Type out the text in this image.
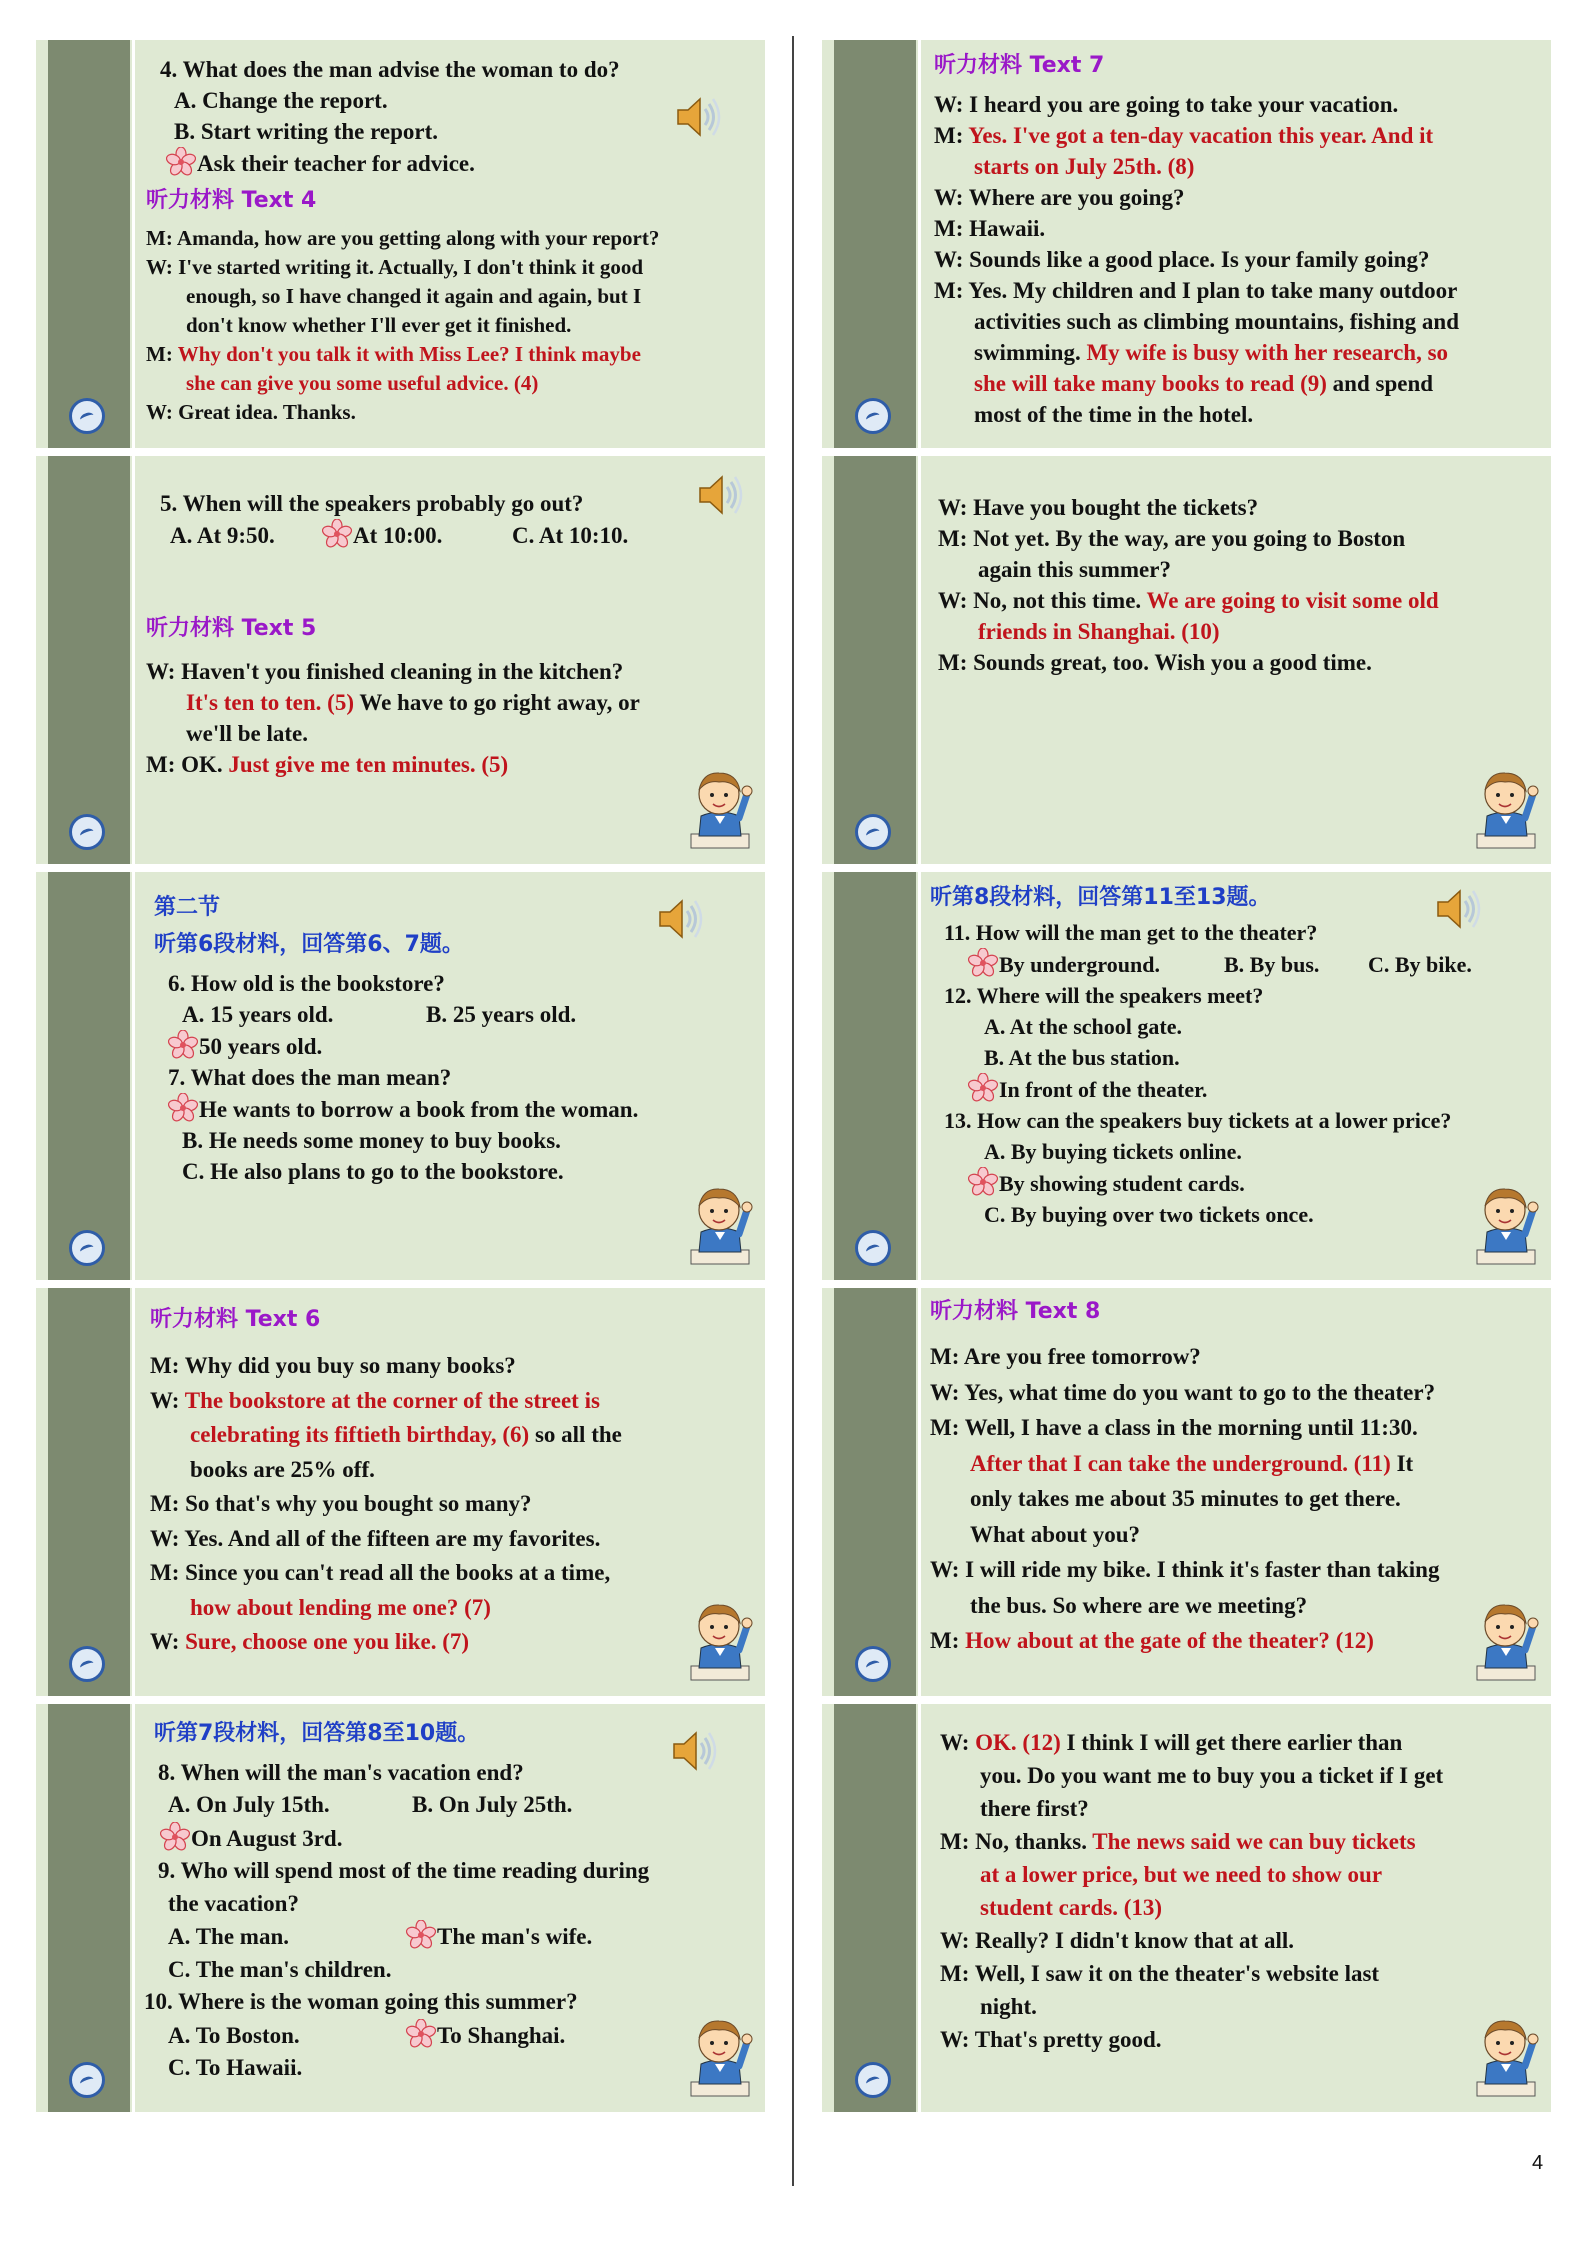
4. What does the man advise the woman to do?
A. Change the report.
B. Start writing the report.
Ask their teacher for advice.
听力材料 Text 4
M: Amanda, how are you getting along with your report?
W: I've started writing it. Actually, I don't think it good
enough, so I have changed it again and again, but I
don't know whether I'll ever get it finished.
M: Why don't you talk it with Miss Lee? I think maybe
she can give you some useful advice. (4)
W: Great idea. Thanks.
听力材料 Text 7
W: I heard you are going to take your vacation.
M: Yes. I've got a ten-day vacation this year. And it
starts on July 25th. (8)
W: Where are you going?
M: Hawaii.
W: Sounds like a good place. Is your family going?
M: Yes. My children and I plan to take many outdoor
activities such as climbing mountains, fishing and
swimming. My wife is busy with her research, so
she will take many books to read (9) and spend
most of the time in the hotel.
5. When will the speakers probably go out?
A. At 9:50.	At 10:00.	C. At 10:10.
听力材料 Text 5
W: Haven't you finished cleaning in the kitchen?
It's ten to ten. (5) We have to go right away, or
we'll be late.
M: OK. Just give me ten minutes. (5)
W: Have you bought the tickets?
M: Not yet. By the way, are you going to Boston
again this summer?
W: No, not this time. We are going to visit some old
friends in Shanghai. (10)
M: Sounds great, too. Wish you a good time.
第二节
听第6段材料，回答第6、7题。
6. How old is the bookstore?
A. 15 years old.	B. 25 years old.
50 years old.
7. What does the man mean?
He wants to borrow a book from the woman.
B. He needs some money to buy books.
C. He also plans to go to the bookstore.
听第8段材料，回答第11至13题。
11. How will the man get to the theater?
By underground.	B. By bus. C. By bike.
12. Where will the speakers meet?
A. At the school gate.
B. At the bus station.
In front of the theater.
13. How can the speakers buy tickets at a lower price?
A. By buying tickets online.
By showing student cards.
C. By buying over two tickets once.
听力材料 Text 6
M: Why did you buy so many books?
W: The bookstore at the corner of the street is
celebrating its fiftieth birthday, (6) so all the
books are 25% off.
M: So that's why you bought so many?
W: Yes. And all of the fifteen are my favorites.
M: Since you can't read all the books at a time,
how about lending me one? (7)
W: Sure, choose one you like. (7)
听力材料 Text 8
M: Are you free tomorrow?
W: Yes, what time do you want to go to the theater?
M: Well, I have a class in the morning until 11:30.
After that I can take the underground. (11) It
only takes me about 35 minutes to get there.
What about you?
W: I will ride my bike. I think it's faster than taking
the bus. So where are we meeting?
M: How about at the gate of the theater? (12)
听第7段材料，回答第8至10题。
8. When will the man's vacation end?
A. On July 15th.	B. On July 25th.
On August 3rd.
9. Who will spend most of the time reading during
the vacation?
A. The man.	The man's wife.
C. The man's children.
10. Where is the woman going this summer?
A. To Boston.	To Shanghai.
C. To Hawaii.
W: OK. (12) I think I will get there earlier than
you. Do you want me to buy you a ticket if I get
there first?
M: No, thanks. The news said we can buy tickets
at a lower price, but we need to show our
student cards. (13)
W: Really? I didn't know that at all.
M: Well, I saw it on the theater's website last
night.
W: That's pretty good.
4
